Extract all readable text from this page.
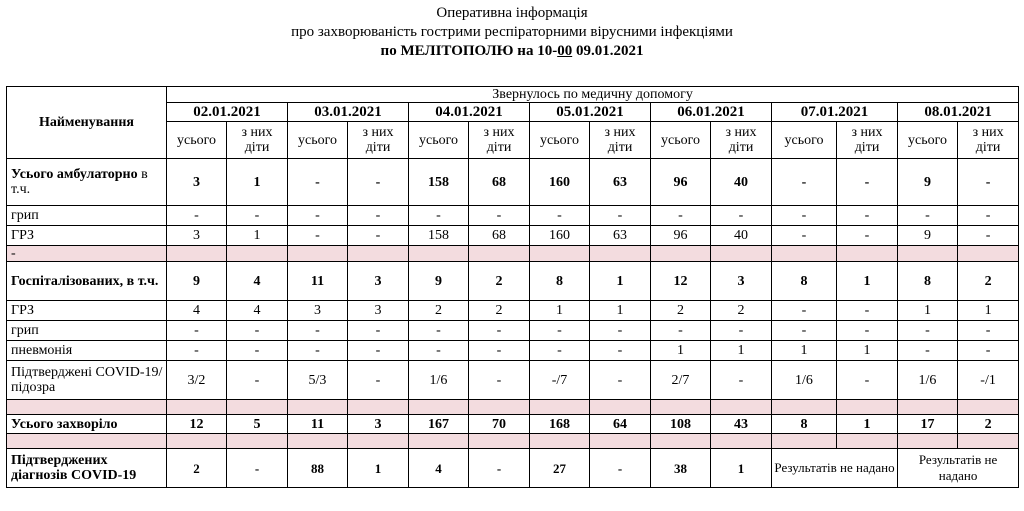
Оперативна інформація
про захворюваність гострими респіраторними вірусними інфекціями
по МЕЛІТОПОЛЮ на 10-00 09.01.2021
Найменування	Звернулось по медичну допомогу													
	02.01.2021		03.01.2021		04.01.2021		05.01.2021		06.01.2021		07.01.2021		08.01.2021	
	усього	з них діти	усього	з них діти	усього	з них діти	усього	з них діти	усього	з них діти	усього	з них діти	усього	з них діти
Усього амбулаторно в т.ч.	3	1	-	-	158	68	160	63	96	40	-	-	9	-
грип	-	-	-	-	-	-	-	-	-	-	-	-	-	-
ГРЗ	3	1	-	-	158	68	160	63	96	40	-	-	9	-
-														
Госпіталізованих, в т.ч.	9	4	11	3	9	2	8	1	12	3	8	1	8	2
ГРЗ	4	4	3	3	2	2	1	1	2	2	-	-	1	1
грип	-	-	-	-	-	-	-	-	-	-	-	-	-	-
пневмонія	-	-	-	-	-	-	-	-	1	1	1	1	-	-
Підтверджені COVID-19/підозра	3/2	-	5/3	-	1/6	-	-/7	-	2/7	-	1/6	-	1/6	-/1

Усього захворіло	12	5	11	3	167	70	168	64	108	43	8	1	17	2

Підтверджених діагнозів COVID-19	2	-	88	1	4	-	27	-	38	1	Результатів не надано		Результатів не надано	
